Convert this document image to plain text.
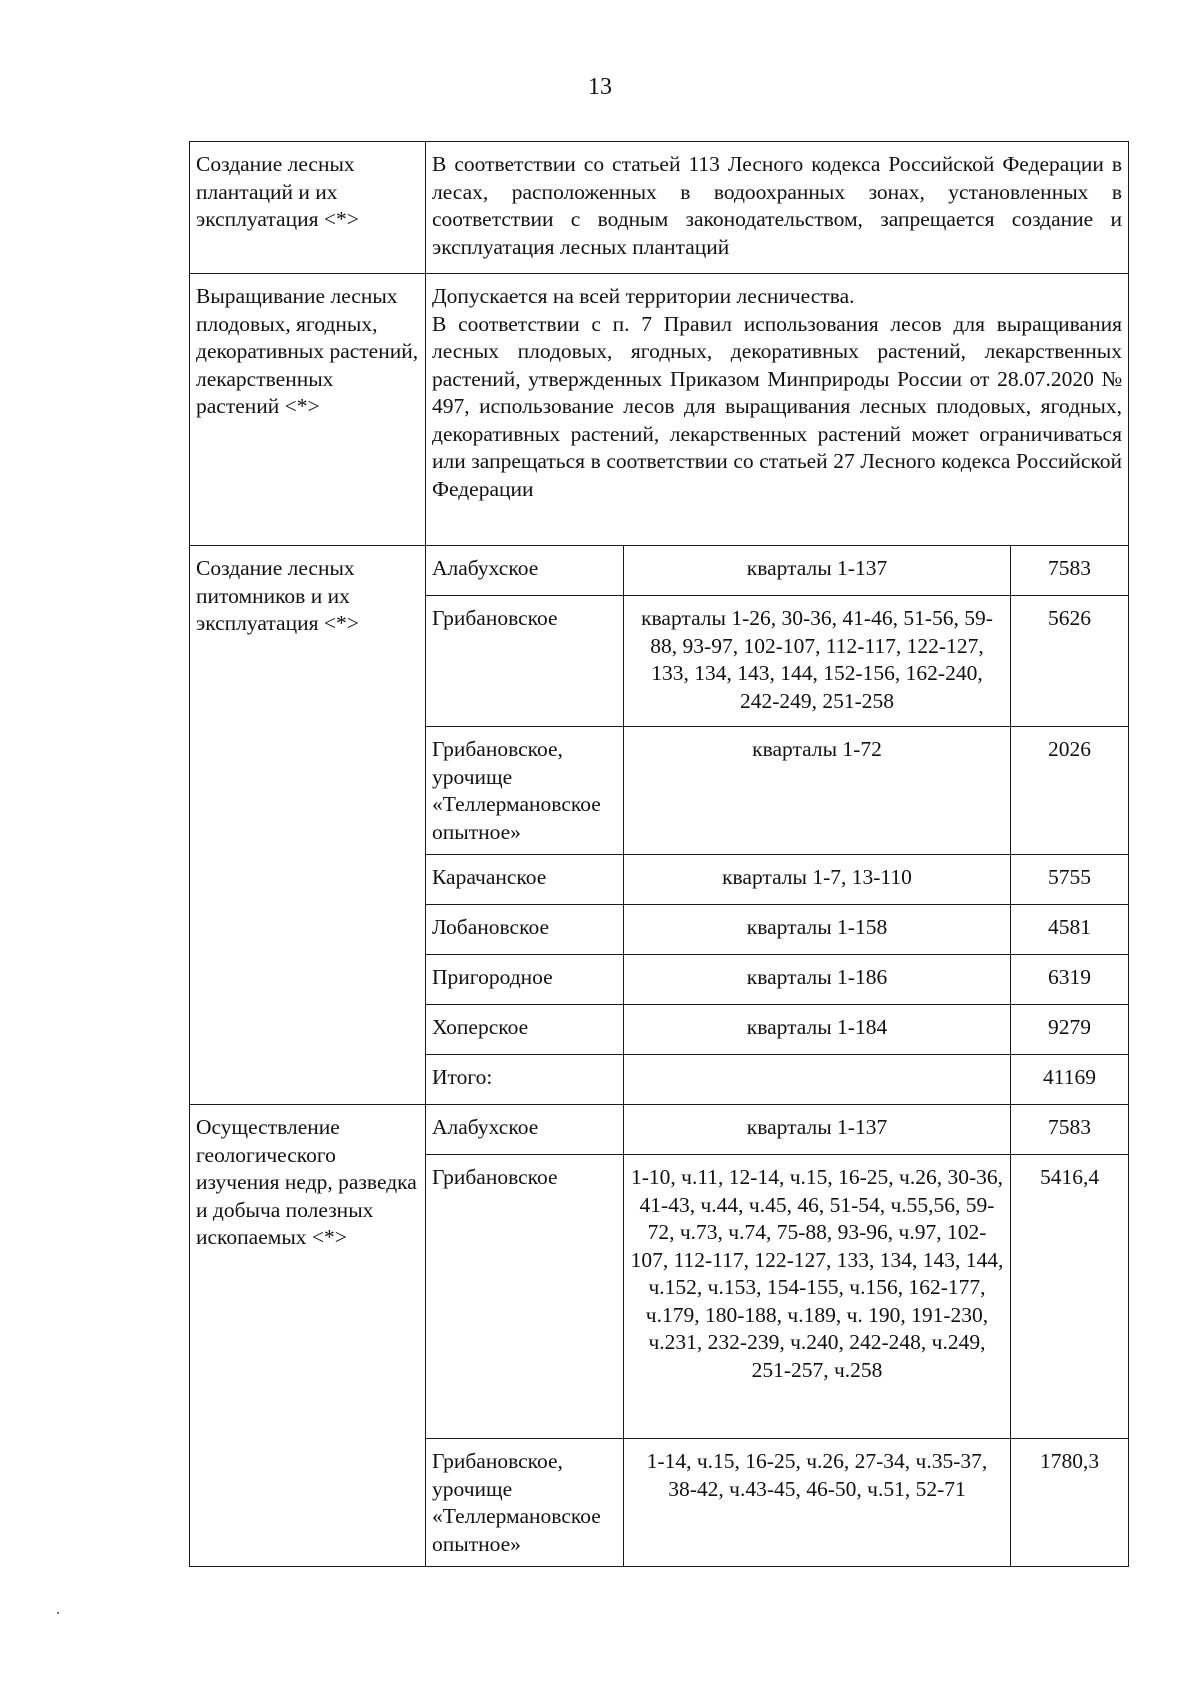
13
Создание лесных плантаций и их эксплуатация <*>	В соответствии со статьей 113 Лесного кодекса Российской Федерации в лесах, расположенных в водоохранных зонах, установленных в соответствии с водным законодательством, запрещается создание и эксплуатация лесных плантаций		

Выращивание лесных плодовых, ягодных, декоративных растений, лекарственных растений <*>	Допускается на всей территории лесничества.
В соответствии с п. 7 Правил использования лесов для выращивания лесных плодовых, ягодных, декоративных растений, лекарственных растений, утвержденных Приказом Минприроды России от 28.07.2020 № 497, использование лесов для выращивания лесных плодовых, ягодных, декоративных растений, лекарственных растений может ограничиваться или запрещаться в соответствии со статьей 27 Лесного кодекса Российской Федерации		

Создание лесных питомников и их эксплуатация <*>	Алабухское	кварталы 1-137	7583
	Грибановское	кварталы 1-26, 30-36, 41-46, 51-56, 59-88, 93-97, 102-107, 112-117, 122-127, 133, 134, 143, 144, 152-156, 162-240, 242-249, 251-258	5626
	Грибановское, урочище «Теллермановское опытное»	кварталы 1-72	2026
	Карачанское	кварталы 1-7, 13-110	5755
	Лобановское	кварталы 1-158	4581
	Пригородное	кварталы 1-186	6319
	Хоперское	кварталы 1-184	9279
	Итого:		41169
Осуществление геологического изучения недр, разведка и добыча полезных ископаемых <*>	Алабухское	кварталы 1-137	7583
	Грибановское	1-10, ч.11, 12-14, ч.15, 16-25, ч.26, 30-36, 41-43, ч.44, ч.45, 46, 51-54, ч.55,56, 59-72, ч.73, ч.74, 75-88, 93-96, ч.97, 102-107, 112-117, 122-127, 133, 134, 143, 144, ч.152, ч.153, 154-155, ч.156, 162-177, ч.179, 180-188, ч.189, ч. 190, 191-230, ч.231, 232-239, ч.240, 242-248, ч.249, 251-257, ч.258	5416,4
	Грибановское, урочище «Теллермановское опытное»	1-14, ч.15, 16-25, ч.26, 27-34, ч.35-37, 38-42, ч.43-45, 46-50, ч.51, 52-71	1780,3
